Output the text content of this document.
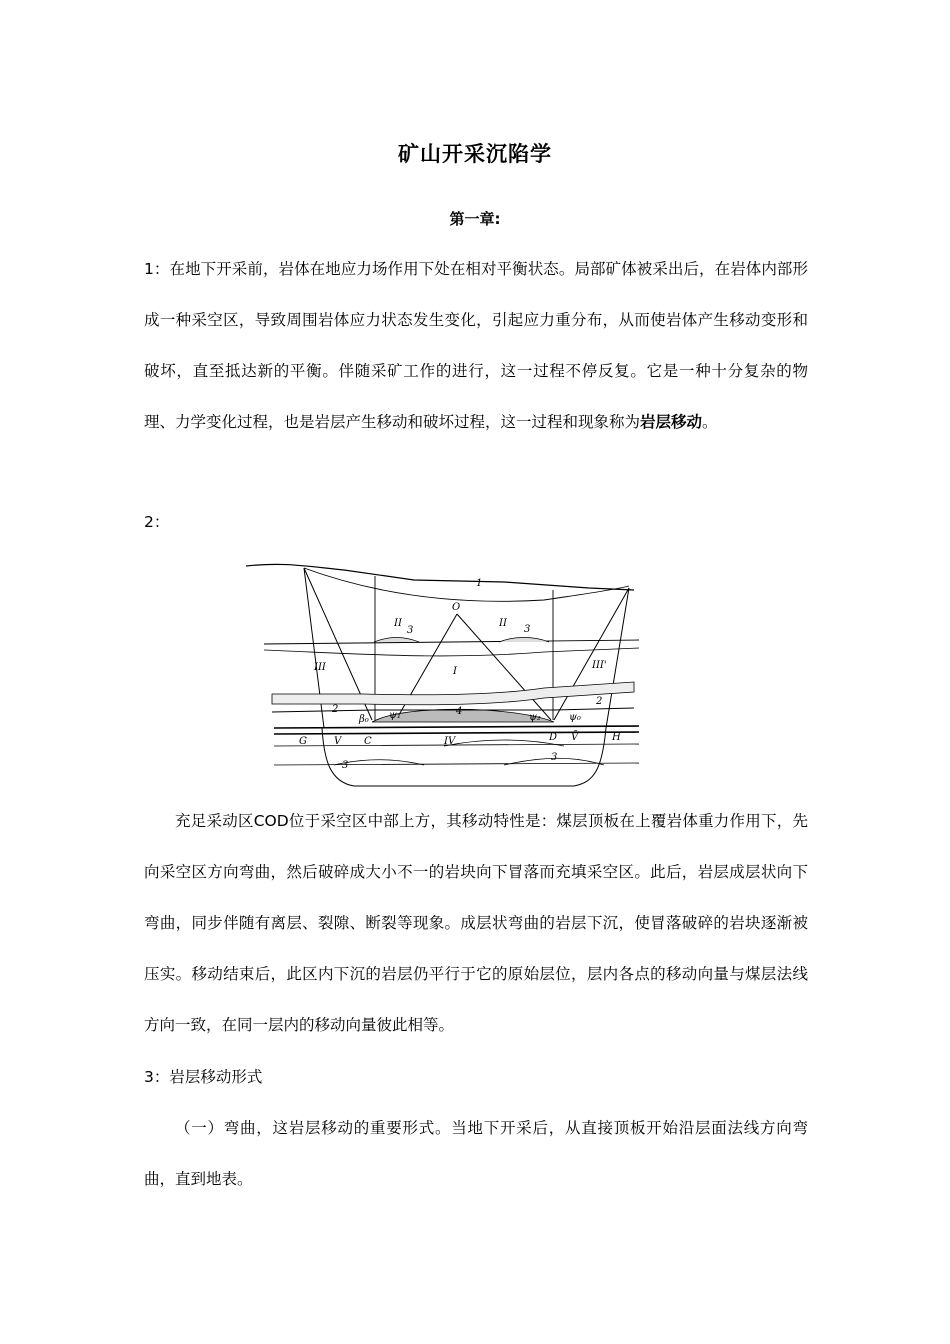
矿山开采沉陷学
第一章:

1：在地下开采前，岩体在地应力场作用下处在相对平衡状态。局部矿体被采出后，在岩体内部形成一种采空区，导致周围岩体应力状态发生变化，引起应力重分布，从而使岩体产生移动变形和破坏，直至抵达新的平衡。伴随采矿工作的进行，这一过程不停反复。它是一种十分复杂的物理、力学变化过程，也是岩层产生移动和破坏过程，这一过程和现象称为岩层移动。

2：

1
O
II
3
II
3
III	I
III'
2
β₀ ψ₁	4
ψ₂	ψ₀
2
G	V C	IV	D V̄	H
3
3

充足采动区COD位于采空区中部上方，其移动特性是：煤层顶板在上覆岩体重力作用下，先向采空区方向弯曲，然后破碎成大小不一的岩块向下冒落而充填采空区。此后，岩层成层状向下弯曲，同步伴随有离层、裂隙、断裂等现象。成层状弯曲的岩层下沉，使冒落破碎的岩块逐渐被压实。移动结束后，此区内下沉的岩层仍平行于它的原始层位，层内各点的移动向量与煤层法线方向一致，在同一层内的移动向量彼此相等。

3：岩层移动形式

（一）弯曲，这岩层移动的重要形式。当地下开采后，从直接顶板开始沿层面法线方向弯曲，直到地表。
